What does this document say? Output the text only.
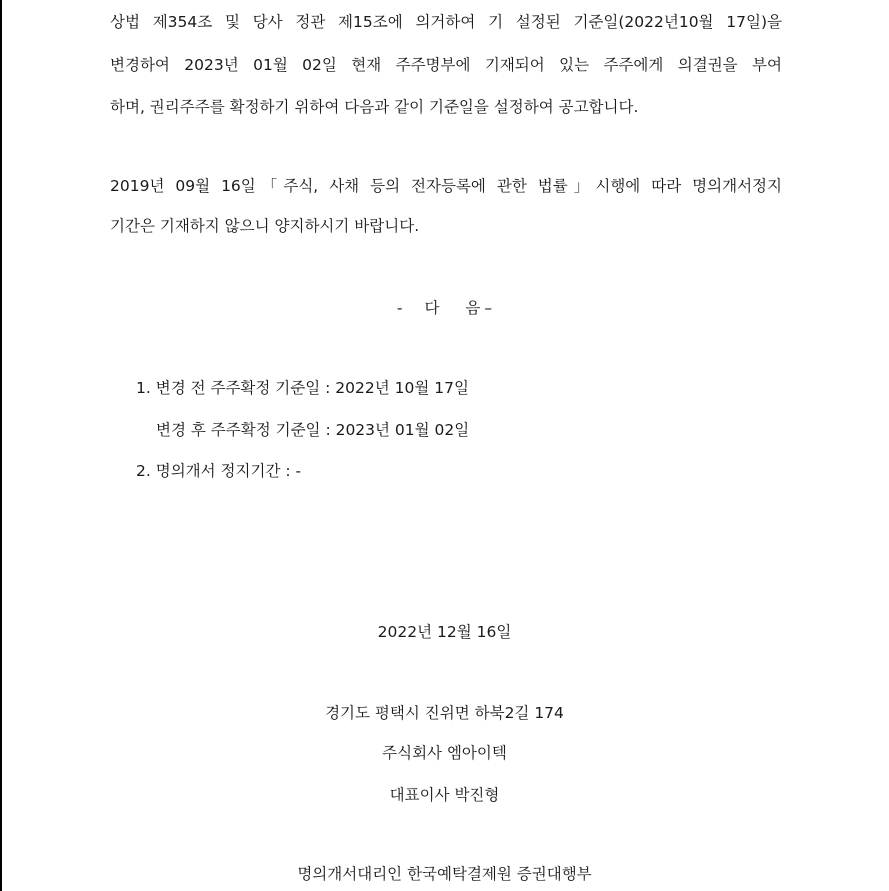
상법 제354조 및 당사 정관 제15조에 의거하여 기 설정된 기준일(2022년10월 17일)을

변경하여 2023년 01월 02일 현재 주주명부에 기재되어 있는 주주에게 의결권을 부여

하며, 권리주주를 확정하기 위하여 다음과 같이 기준일을 설정하여 공고합니다.

2019년 09월 16일「주식, 사채 등의 전자등록에 관한 법률」시행에 따라 명의개서정지

기간은 기재하지 않으니 양지하시기 바랍니다.

- 다 음 –

1. 변경 전 주주확정 기준일 : 2022년 10월 17일

변경 후 주주확정 기준일 : 2023년 01월 02일

2. 명의개서 정지기간 : -

2022년 12월 16일

경기도 평택시 진위면 하북2길 174

주식회사 엠아이텍

대표이사 박진형

명의개서대리인 한국예탁결제원 증권대행부
